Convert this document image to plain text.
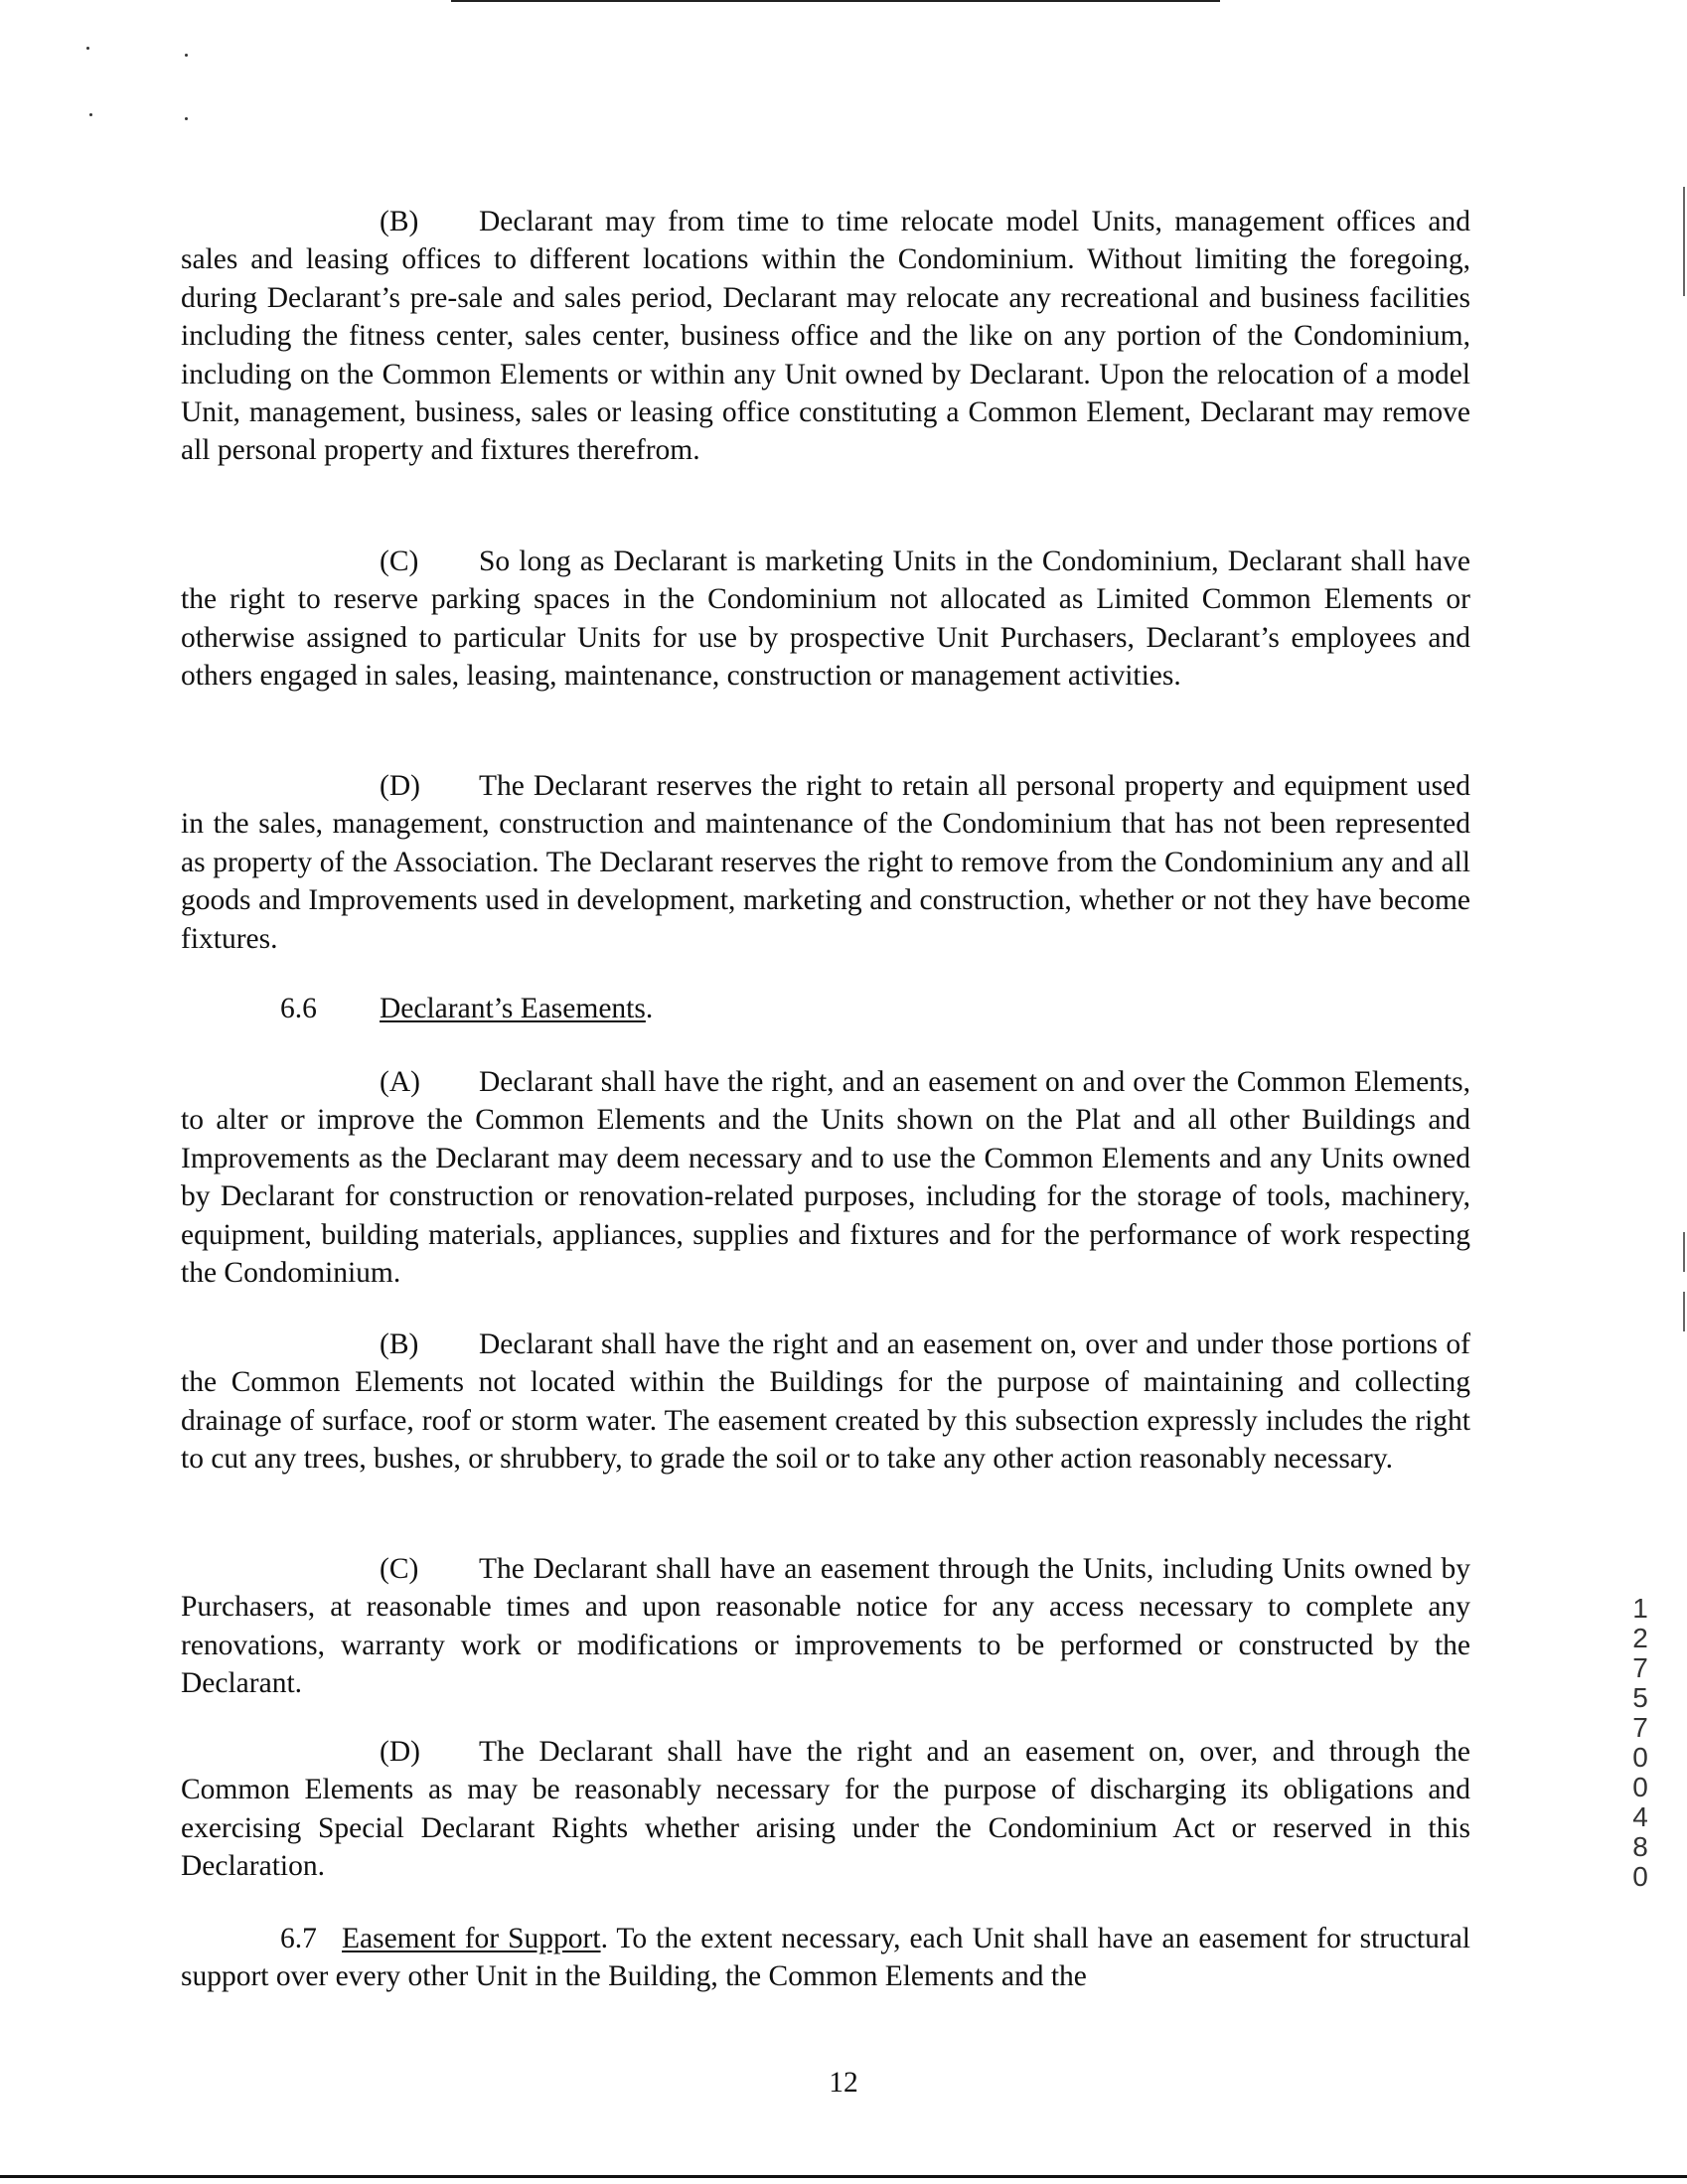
(B) Declarant may from time to time relocate model Units, management offices and sales and leasing offices to different locations within the Condominium. Without limiting the foregoing, during Declarant’s pre-sale and sales period, Declarant may relocate any recreational and business facilities including the fitness center, sales center, business office and the like on any portion of the Condominium, including on the Common Elements or within any Unit owned by Declarant. Upon the relocation of a model Unit, management, business, sales or leasing office constituting a Common Element, Declarant may remove all personal property and fixtures therefrom.

(C) So long as Declarant is marketing Units in the Condominium, Declarant shall have the right to reserve parking spaces in the Condominium not allocated as Limited Common Elements or otherwise assigned to particular Units for use by prospective Unit Purchasers, Declarant’s employees and others engaged in sales, leasing, maintenance, construction or management activities.

(D) The Declarant reserves the right to retain all personal property and equipment used in the sales, management, construction and maintenance of the Condominium that has not been represented as property of the Association. The Declarant reserves the right to remove from the Condominium any and all goods and Improvements used in development, marketing and construction, whether or not they have become fixtures.

6.6 Declarant’s Easements.

(A) Declarant shall have the right, and an easement on and over the Common Elements, to alter or improve the Common Elements and the Units shown on the Plat and all other Buildings and Improvements as the Declarant may deem necessary and to use the Common Elements and any Units owned by Declarant for construction or renovation-related purposes, including for the storage of tools, machinery, equipment, building materials, appliances, supplies and fixtures and for the performance of work respecting the Condominium.

(B) Declarant shall have the right and an easement on, over and under those portions of the Common Elements not located within the Buildings for the purpose of maintaining and collecting drainage of surface, roof or storm water. The easement created by this subsection expressly includes the right to cut any trees, bushes, or shrubbery, to grade the soil or to take any other action reasonably necessary.

(C) The Declarant shall have an easement through the Units, including Units owned by Purchasers, at reasonable times and upon reasonable notice for any access necessary to complete any renovations, warranty work or modifications or improvements to be performed or constructed by the Declarant.

(D) The Declarant shall have the right and an easement on, over, and through the Common Elements as may be reasonably necessary for the purpose of discharging its obligations and exercising Special Declarant Rights whether arising under the Condominium Act or reserved in this Declaration.

6.7 Easement for Support. To the extent necessary, each Unit shall have an easement for structural support over every other Unit in the Building, the Common Elements and the

1
2
7
5
7
0
0
4
8
0
12
